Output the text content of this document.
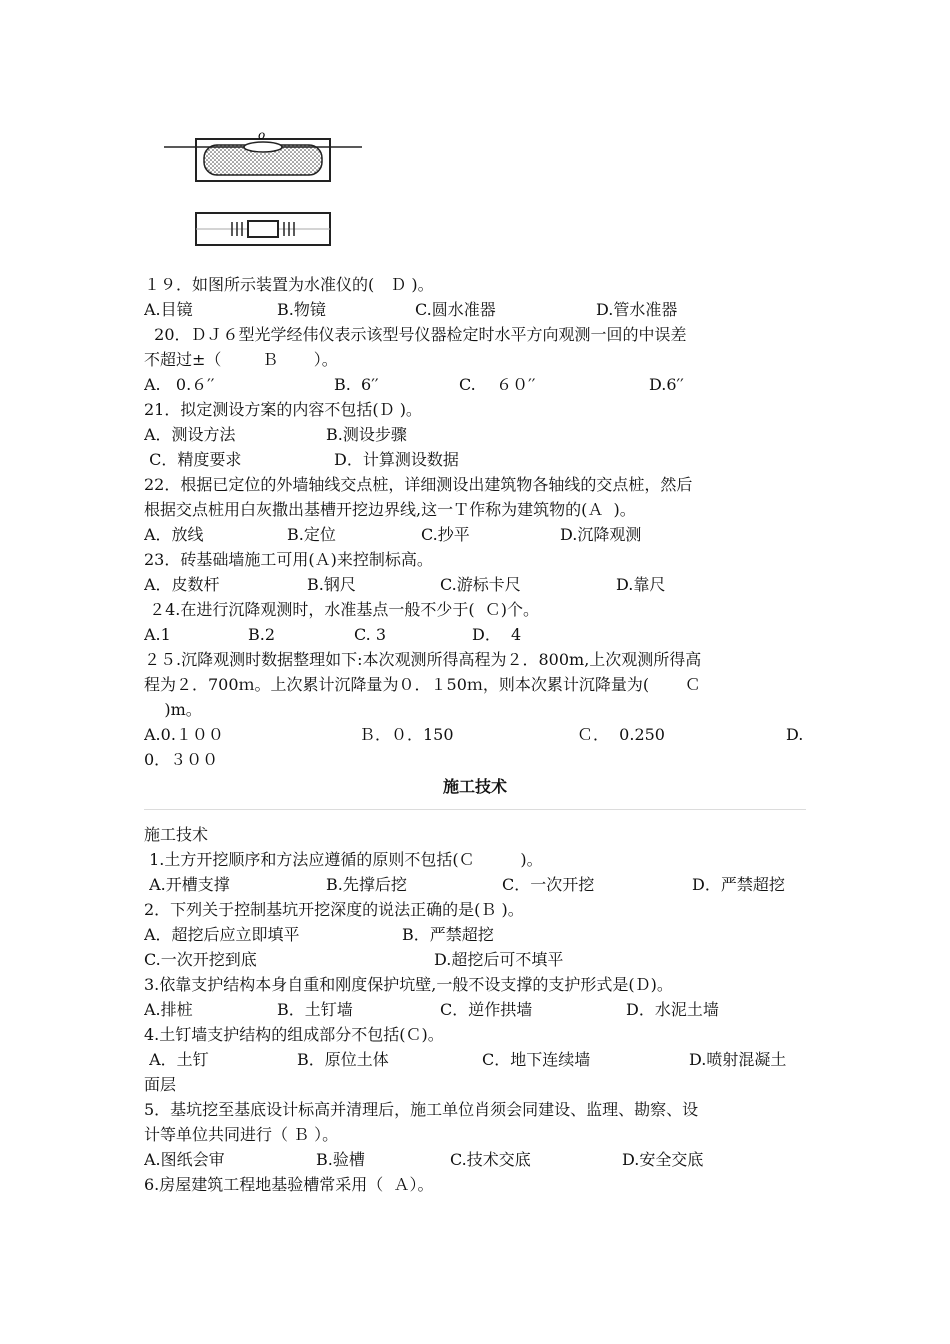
o
１９．如图所示装置为水准仪的(　Ｄ )。
A.目镜	B.物镜	C.圆水准器	D.管水准器
20．ＤＪ６型光学经伟仪表示该型号仪器检定时水平方向观测一回的中误差
不超过±（        Ｂ       ）。
A.   0.６′′	B.  6′′	C.    ６０′′	D.6′′
21．拟定测设方案的内容不包括(Ｄ )。
A．测设方法	B.测设步骤
C．精度要求	D．计算测设数据
22．根据已定位的外墙轴线交点桩，详细测设出建筑物各轴线的交点桩，然后
根据交点桩用白灰撒出基槽开挖边界线,这一Ｔ作称为建筑物的(Ａ  )。
A．放线	B.定位	C.抄平	D.沉降观测
23．砖基础墙施工可用(Ａ)来控制标高。
A．皮数杆	B.钢尺	C.游标卡尺	D.靠尺
２4.在进行沉降观测时，水准基点一般不少于(  Ｃ)个。
A.1	B.2	C. 3	D．  4
２５.沉降观测时数据整理如下:本次观测所得高程为２．800m,上次观测所得高
程为２．700ｍ。上次累计沉降量为０．１50ｍ，则本次累计沉降量为(       Ｃ
)m。
A.0.１００	Ｂ．０．150	Ｃ．  0.250	D.
0．３００
施工技术
施工技术
1.土方开挖顺序和方法应遵循的原则不包括(Ｃ         )。
A.开槽支撑	B.先撑后挖	C．一次开挖	D．严禁超挖
2．下列关于控制基坑开挖深度的说法正确的是(Ｂ )。
A．超挖后应立即填平	B．严禁超挖
C.一次开挖到底	D.超挖后可不填平
3.依靠支护结构本身自重和刚度保护坑壁,一般不设支撑的支护形式是(Ｄ)。
A.排桩	B．土钉墙	C．逆作拱墙	D．水泥土墙
4.土钉墙支护结构的组成部分不包括(Ｃ)。
A．土钉	B．原位土体	C．地下连续墙	D.喷射混凝土
面层
5．基坑挖至基底设计标高并清理后，施工单位肖须会同建设、监理、勘察、设
计等单位共同进行（ Ｂ ）。
A.图纸会审	B.验槽	C.技术交底	D.安全交底
6.房屋建筑工程地基验槽常采用（  Ａ）。
